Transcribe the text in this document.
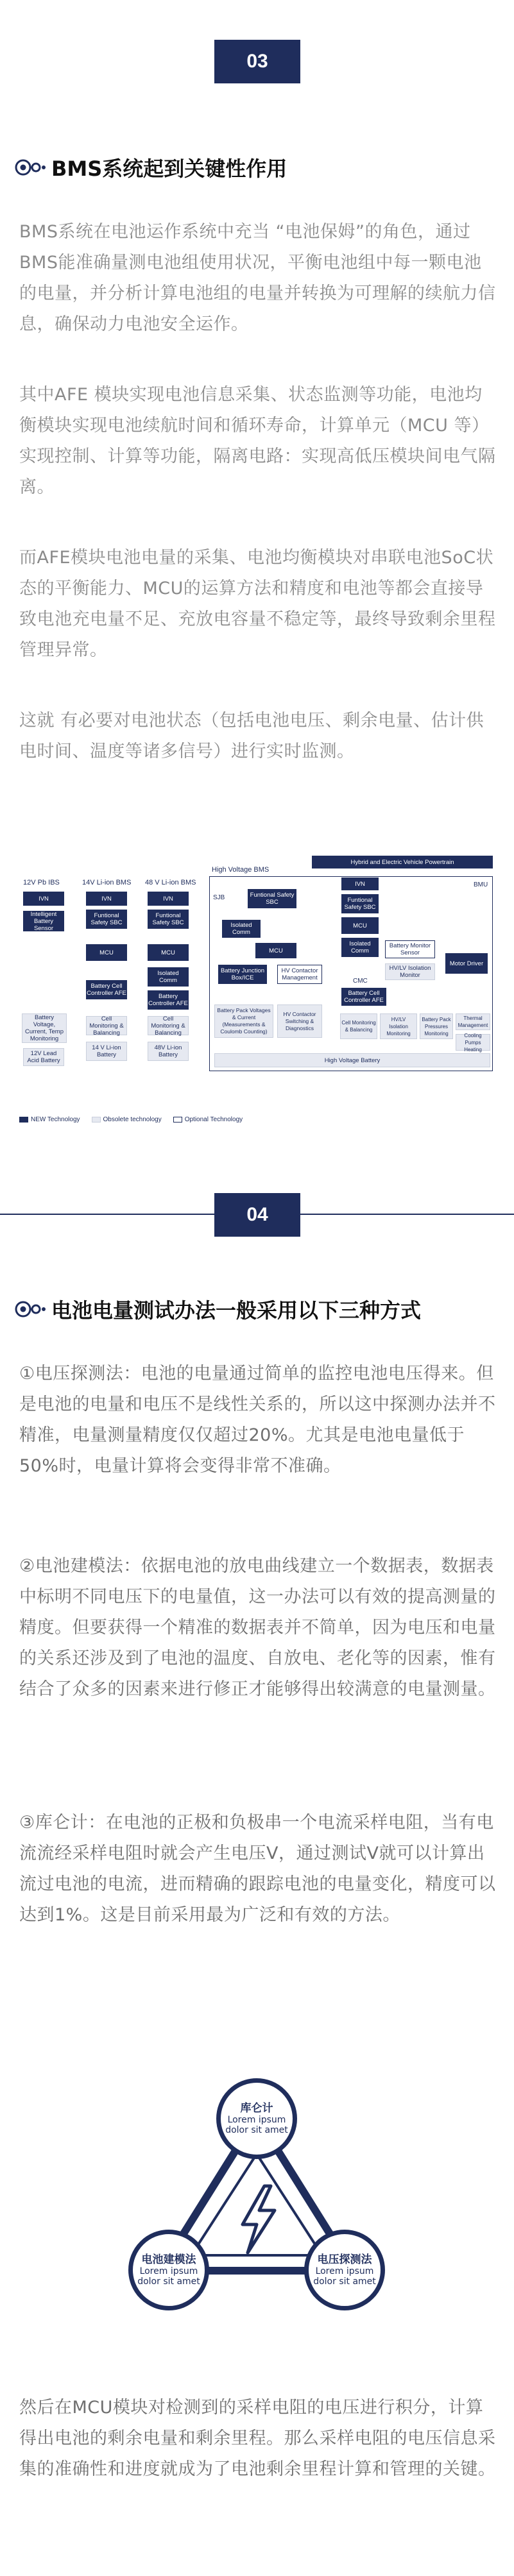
03
BMS系统起到关键性作用

BMS系统在电池运作系统中充当 “电池保姆”的角色，通过BMS能准确量测电池组使用状况，平衡电池组中每一颗电池的电量，并分析计算电池组的电量并转换为可理解的续航力信息，确保动力电池安全运作。

其中AFE 模块实现电池信息采集、状态监测等功能，电池均衡模块实现电池续航时间和循环寿命，计算单元（MCU 等）实现控制、计算等功能，隔离电路：实现高低压模块间电气隔离。

而AFE模块电池电量的采集、电池均衡模块对串联电池SoC状态的平衡能力、MCU的运算方法和精度和电池等都会直接导致电池充电量不足、充放电容量不稳定等，最终导致剩余里程管理异常。

这就 有必要对电池状态（包括电池电压、剩余电量、估计供电时间、温度等诸多信号）进行实时监测。

12V Pb IBS
IVN
Intelligent Battery Sensor
Battery Voltage, Current, Temp Monitoring
12V Lead Acid Battery
14V Li-ion BMS
IVN
Funtional Safety SBC
MCU
Battery Cell Controller AFE
Cell Monitoring & Balancing
14 V Li-ion Battery
48 V Li-ion BMS
IVN
Funtional Safety SBC
MCU
Isolated Comm
Battery Controller AFE
Cell Monitoring & Balancing
48V Li-ion Battery
High Voltage BMS
Hybrid and Electric Vehicle Powertrain
SJB
BMU
Funtional Safety SBC
Isolated Comm
MCU
Battery Junction Box/ICE
HV Contactor Management
Battery Pack Voltages & Current (Measurements & Coulomb Counting)
HV Contactor Switching & Diagnostics
IVN
Funtional Safety SBC
MCU
Isolated Comm
Battery Monitor Sensor
HV/LV Isolation Monitor
Motor Driver
CMC
Battery Cell Controller AFE
Cell Monitoring & Balancing
HV/LV Isolation Monitoring
Battery Pack Pressures Monitoring
Thermal Management
Cooling Pumps Heating
High Voltage Battery
NEW Technology	Obsolete technology	Optional Technology
04
电池电量测试办法一般采用以下三种方式

①电压探测法：电池的电量通过简单的监控电池电压得来。但是电池的电量和电压不是线性关系的，所以这中探测办法并不精准，电量测量精度仅仅超过20%。尤其是电池电量低于50%时，电量计算将会变得非常不准确。

②电池建模法：依据电池的放电曲线建立一个数据表，数据表中标明不同电压下的电量值，这一办法可以有效的提高测量的精度。但要获得一个精准的数据表并不简单，因为电压和电量的关系还涉及到了电池的温度、自放电、老化等的因素，惟有结合了众多的因素来进行修正才能够得出较满意的电量测量。

③库仑计：在电池的正极和负极串一个电流采样电阻，当有电流流经采样电阻时就会产生电压V，通过测试V就可以计算出流过电池的电流，进而精确的跟踪电池的电量变化，精度可以达到1%。这是目前采用最为广泛和有效的方法。

库仑计
Lorem ipsum dolor sit amet
电池建模法
Lorem ipsum dolor sit amet
电压探测法
Lorem ipsum dolor sit amet

然后在MCU模块对检测到的采样电阻的电压进行积分，计算得出电池的剩余电量和剩余里程。那么采样电阻的电压信息采集的准确性和进度就成为了电池剩余里程计算和管理的关键。
